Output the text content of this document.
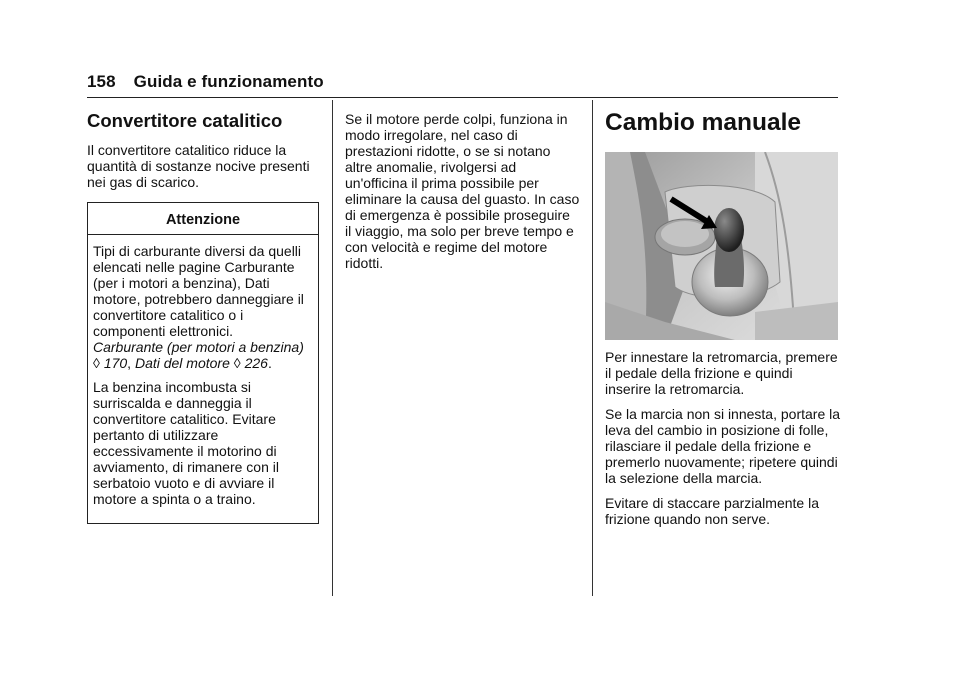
158 Guida e funzionamento
Convertitore catalitico

Il convertitore catalitico riduce la quantità di sostanze nocive presenti nei gas di scarico.

Attenzione

Tipi di carburante diversi da quelli elencati nelle pagine Carburante (per i motori a benzina), Dati motore, potrebbero danneggiare il convertitore catalitico o i componenti elettronici.
Carburante (per motori a benzina)
◊ 170, Dati del motore ◊ 226.

La benzina incombusta si surriscalda e danneggia il convertitore catalitico. Evitare pertanto di utilizzare eccessivamente il motorino di avviamento, di rimanere con il serbatoio vuoto e di avviare il motore a spinta o a traino.

Se il motore perde colpi, funziona in modo irregolare, nel caso di prestazioni ridotte, o se si notano altre anomalie, rivolgersi ad un'officina il prima possibile per eliminare la causa del guasto. In caso di emergenza è possibile proseguire il viaggio, ma solo per breve tempo e con velocità e regime del motore ridotti.

Cambio manuale

Per innestare la retromarcia, premere il pedale della frizione e quindi inserire la retromarcia.

Se la marcia non si innesta, portare la leva del cambio in posizione di folle, rilasciare il pedale della frizione e premerlo nuovamente; ripetere quindi la selezione della marcia.

Evitare di staccare parzialmente la frizione quando non serve.
